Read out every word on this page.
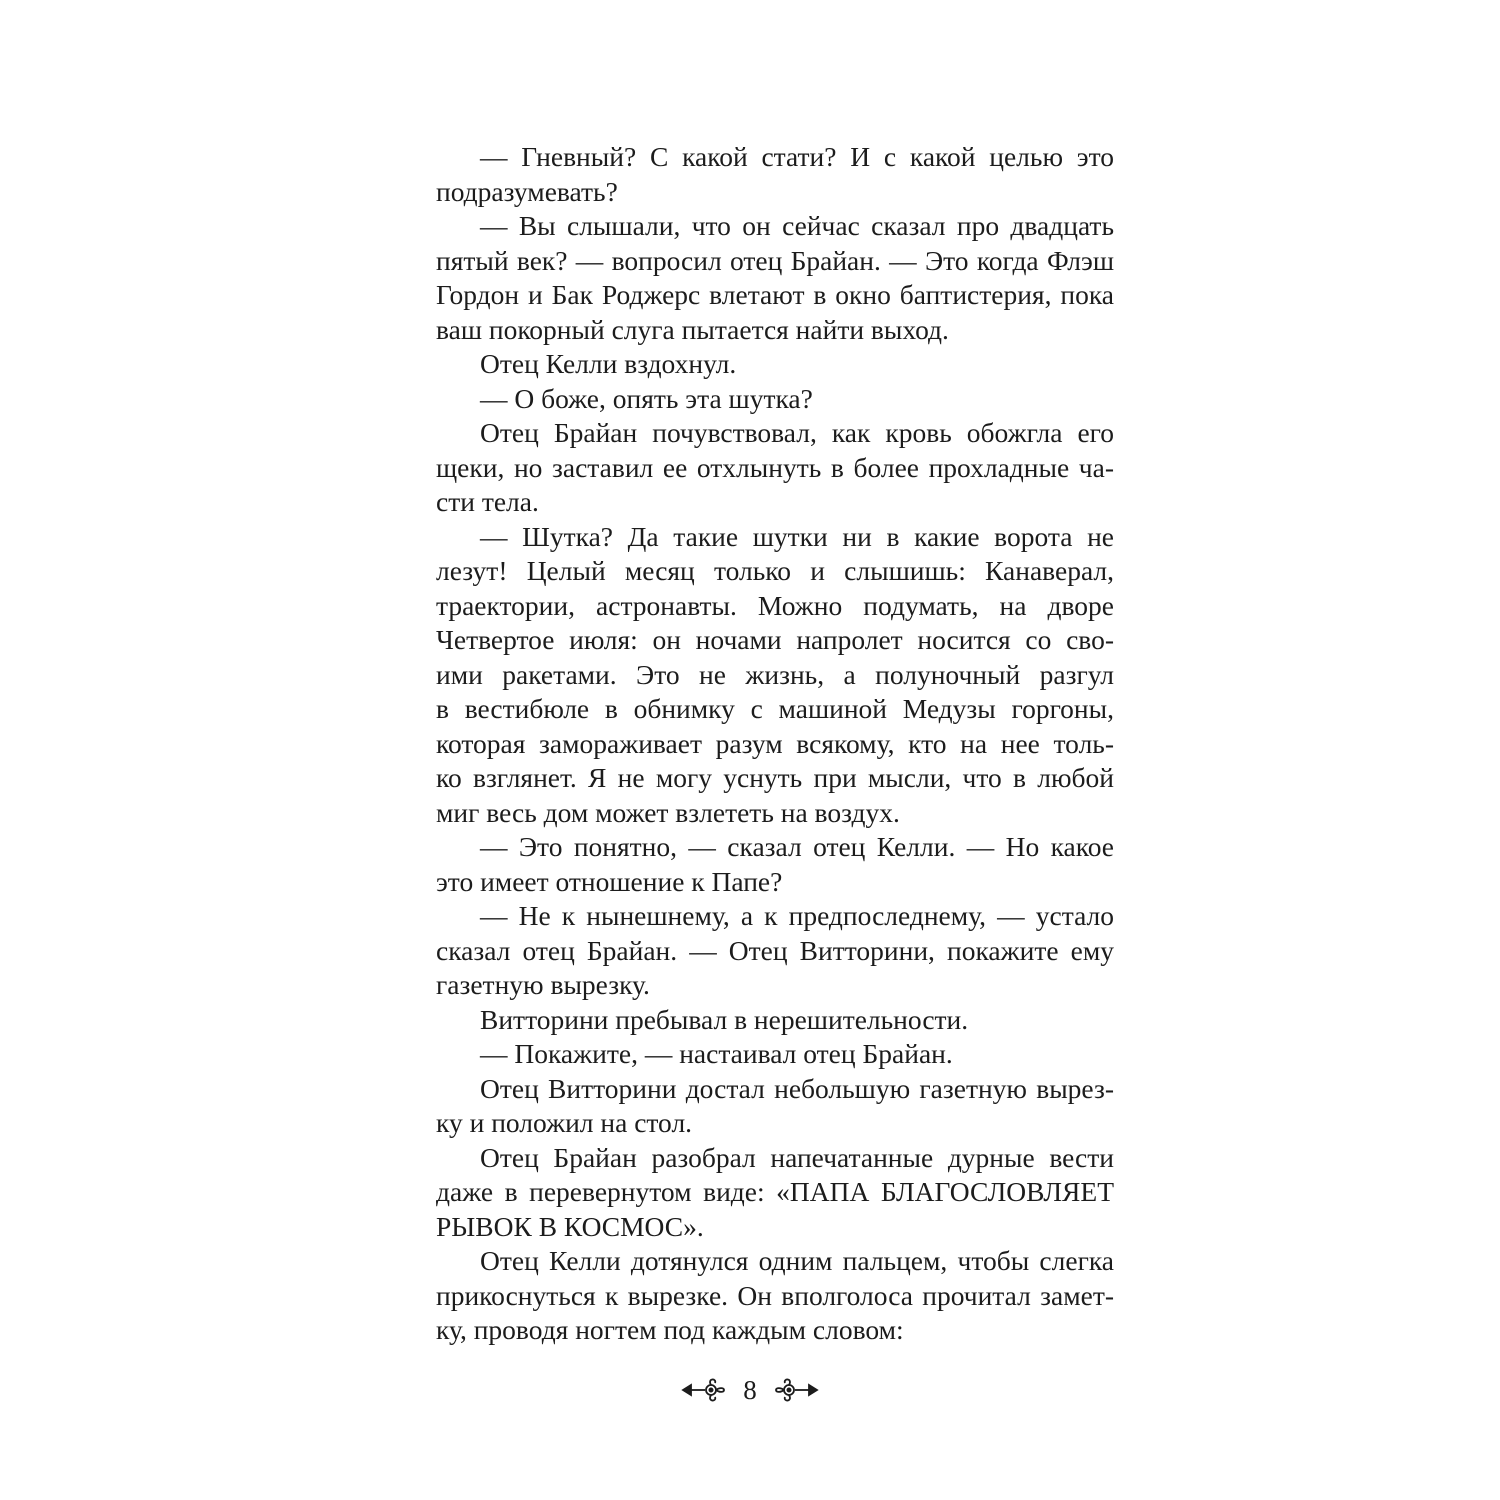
— Гневный? С какой стати? И с какой целью это
подразумевать?
— Вы слышали, что он сейчас сказал про двадцать
пятый век? — вопросил отец Брайан. — Это когда Флэш
Гордон и Бак Роджерс влетают в окно баптистерия, пока
ваш покорный слуга пытается найти выход.
Отец Келли вздохнул.
— О боже, опять эта шутка?
Отец Брайан почувствовал, как кровь обожгла его
щеки, но заставил ее отхлынуть в более прохладные ча-
сти тела.
— Шутка? Да такие шутки ни в какие ворота не
лезут! Целый месяц только и слышишь: Канаверал,
траектории, астронавты. Можно подумать, на дворе
Четвертое июля: он ночами напролет носится со сво-
ими ракетами. Это не жизнь, а полуночный разгул
в вестибюле в обнимку с машиной Медузы горгоны,
которая замораживает разум всякому, кто на нее толь-
ко взглянет. Я не могу уснуть при мысли, что в любой
миг весь дом может взлететь на воздух.
— Это понятно, — сказал отец Келли. — Но какое
это имеет отношение к Папе?
— Не к нынешнему, а к предпоследнему, — устало
сказал отец Брайан. — Отец Витторини, покажите ему
газетную вырезку.
Витторини пребывал в нерешительности.
— Покажите, — настаивал отец Брайан.
Отец Витторини достал небольшую газетную вырез-
ку и положил на стол.
Отец Брайан разобрал напечатанные дурные вести
даже в перевернутом виде: «ПАПА БЛАГОСЛОВЛЯЕТ
РЫВОК В КОСМОС».
Отец Келли дотянулся одним пальцем, чтобы слегка
прикоснуться к вырезке. Он вполголоса прочитал замет-
ку, проводя ногтем под каждым словом:
8
